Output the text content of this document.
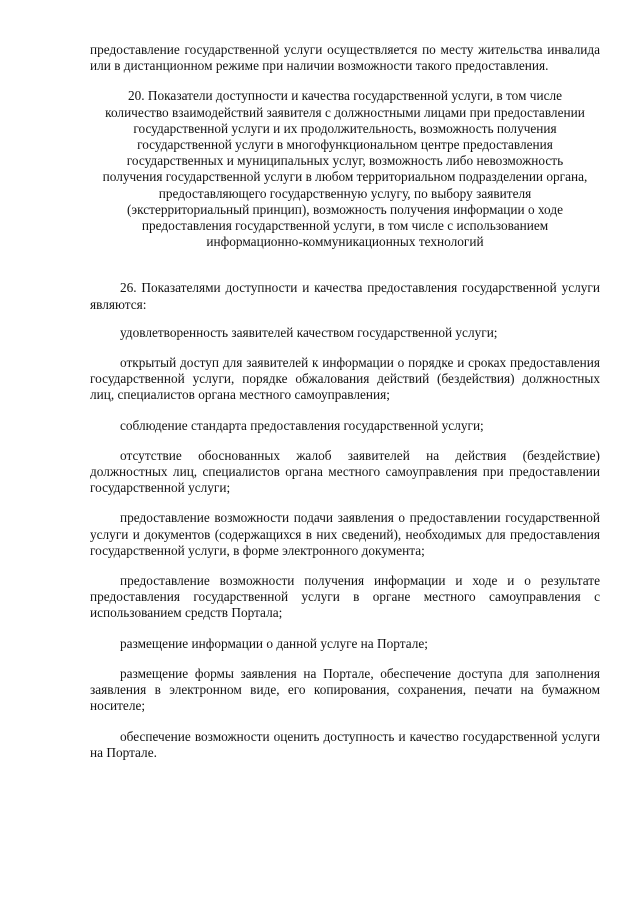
предоставление государственной услуги осуществляется по месту жительства инвалида или в дистанционном режиме при наличии возможности такого предоставления.

20. Показатели доступности и качества государственной услуги, в том числе количество взаимодействий заявителя с должностными лицами при предоставлении государственной услуги и их продолжительность, возможность получения государственной услуги в многофункциональном центре предоставления государственных и муниципальных услуг, возможность либо невозможность получения государственной услуги в любом территориальном подразделении органа, предоставляющего государственную услугу, по выбору заявителя (экстерриториальный принцип), возможность получения информации о ходе предоставления государственной услуги, в том числе с использованием информационно-коммуникационных технологий

26. Показателями доступности и качества предоставления государственной услуги являются:

удовлетворенность заявителей качеством государственной услуги;

открытый доступ для заявителей к информации о порядке и сроках предоставления государственной услуги, порядке обжалования действий (бездействия) должностных лиц, специалистов органа местного самоуправления;

соблюдение стандарта предоставления государственной услуги;

отсутствие обоснованных жалоб заявителей на действия (бездействие) должностных лиц, специалистов органа местного самоуправления при предоставлении государственной услуги;

предоставление возможности подачи заявления о предоставлении государственной услуги и документов (содержащихся в них сведений), необходимых для предоставления государственной услуги, в форме электронного документа;

предоставление возможности получения информации и ходе и о результате предоставления государственной услуги в органе местного самоуправления с использованием средств Портала;

размещение информации о данной услуге на Портале;

размещение формы заявления на Портале, обеспечение доступа для заполнения заявления в электронном виде, его копирования, сохранения, печати на бумажном носителе;

обеспечение возможности оценить доступность и качество государственной услуги на Портале.
